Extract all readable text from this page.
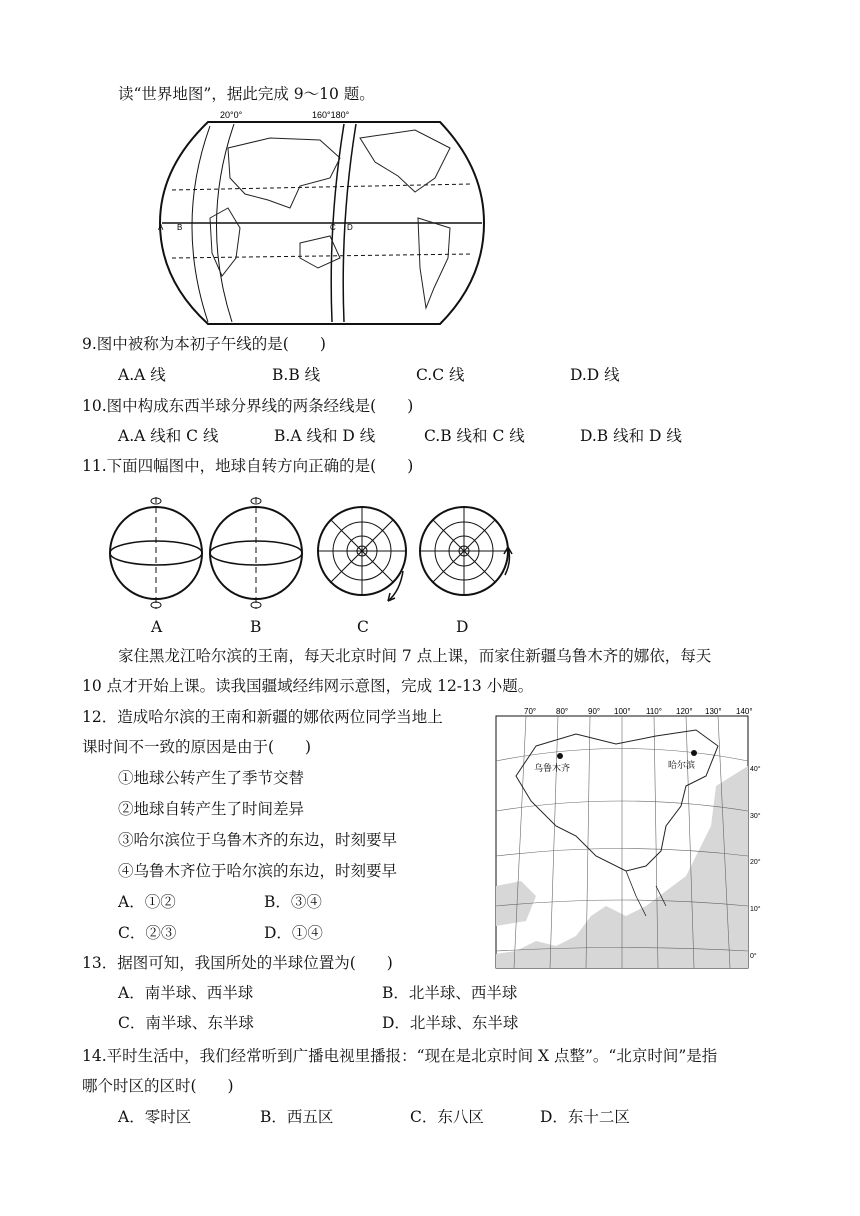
读“世界地图”，据此完成 9～10 题。
20°0°	160°180°
A B	C D
9.图中被称为本初子午线的是(　　)
A.A 线	B.B 线	C.C 线	D.D 线
10.图中构成东西半球分界线的两条经线是(　　)
A.A 线和 C 线	B.A 线和 D 线	C.B 线和 C 线	D.B 线和 D 线
11.下面四幅图中，地球自转方向正确的是(　　)
A	B	C	D
家住黑龙江哈尔滨的王南，每天北京时间 7 点上课，而家住新疆乌鲁木齐的娜依，每天
10 点才开始上课。读我国疆域经纬网示意图，完成 12-13 小题。
12．造成哈尔滨的王南和新疆的娜依两位同学当地上
课时间不一致的原因是由于(　　)
①地球公转产生了季节交替
②地球自转产生了时间差异
③哈尔滨位于乌鲁木齐的东边，时刻要早
④乌鲁木齐位于哈尔滨的东边，时刻要早
A．①②	B．③④
C．②③	D．①④
70° 80° 90° 100° 110° 120° 130° 140°
40°
30°
20°
10°
0°
乌鲁木齐	哈尔滨
13．据图可知，我国所处的半球位置为(　　)
A．南半球、西半球	B．北半球、西半球
C．南半球、东半球	D．北半球、东半球
14.平时生活中，我们经常听到广播电视里播报：“现在是北京时间 X 点整”。“北京时间”是指
哪个时区的区时(　　)
A．零时区	B．西五区	C．东八区	D．东十二区
